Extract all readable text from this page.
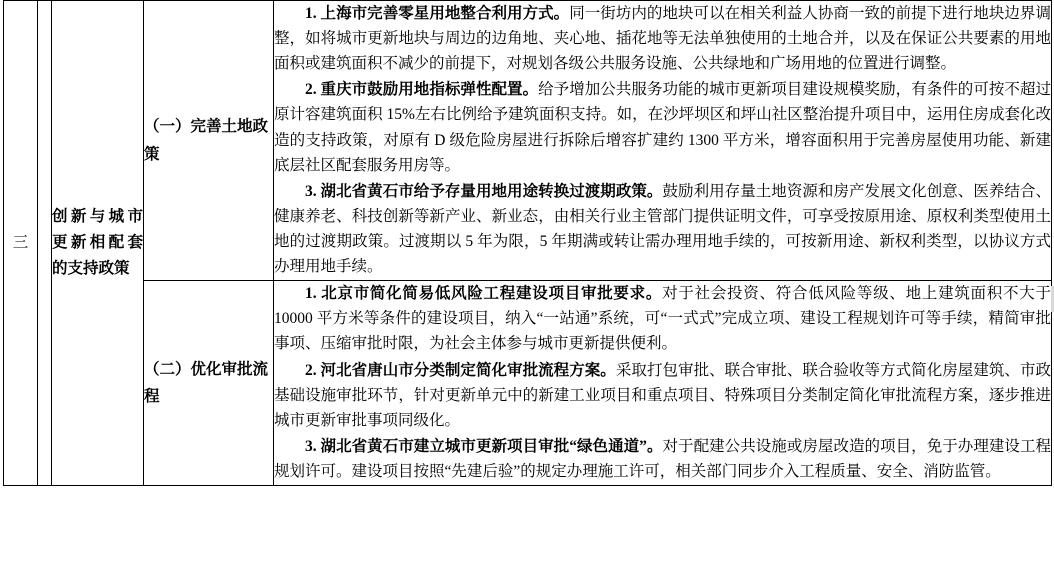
三		创新与城市更新相配套的支持政策	（一）完善土地政策	1. 上海市完善零星用地整合利用方式。同一街坊内的地块可以在相关利益人协商一致的前提下进行地块边界调整，如将城市更新地块与周边的边角地、夹心地、插花地等无法单独使用的土地合并，以及在保证公共要素的用地面积或建筑面积不减少的前提下，对规划各级公共服务设施、公共绿地和广场用地的位置进行调整。

2. 重庆市鼓励用地指标弹性配置。给予增加公共服务功能的城市更新项目建设规模奖励，有条件的可按不超过原计容建筑面积 15%左右比例给予建筑面积支持。如，在沙坪坝区和坪山社区整治提升项目中，运用住房成套化改造的支持政策，对原有 D 级危险房屋进行拆除后增容扩建约 1300 平方米，增容面积用于完善房屋使用功能、新建底层社区配套服务用房等。

3. 湖北省黄石市给予存量用地用途转换过渡期政策。鼓励利用存量土地资源和房产发展文化创意、医养结合、健康养老、科技创新等新产业、新业态，由相关行业主管部门提供证明文件，可享受按原用途、原权利类型使用土地的过渡期政策。过渡期以 5 年为限，5 年期满或转让需办理用地手续的，可按新用途、新权利类型，以协议方式办理用地手续。

			（二）优化审批流程	1. 北京市简化简易低风险工程建设项目审批要求。对于社会投资、符合低风险等级、地上建筑面积不大于 10000 平方米等条件的建设项目，纳入“一站通”系统，可“一式式”完成立项、建设工程规划许可等手续，精简审批事项、压缩审批时限，为社会主体参与城市更新提供便利。

2. 河北省唐山市分类制定简化审批流程方案。采取打包审批、联合审批、联合验收等方式简化房屋建筑、市政基础设施审批环节，针对更新单元中的新建工业项目和重点项目、特殊项目分类制定简化审批流程方案，逐步推进城市更新审批事项同级化。

3. 湖北省黄石市建立城市更新项目审批“绿色通道”。对于配建公共设施或房屋改造的项目，免于办理建设工程规划许可。建设项目按照“先建后验”的规定办理施工许可，相关部门同步介入工程质量、安全、消防监管。
